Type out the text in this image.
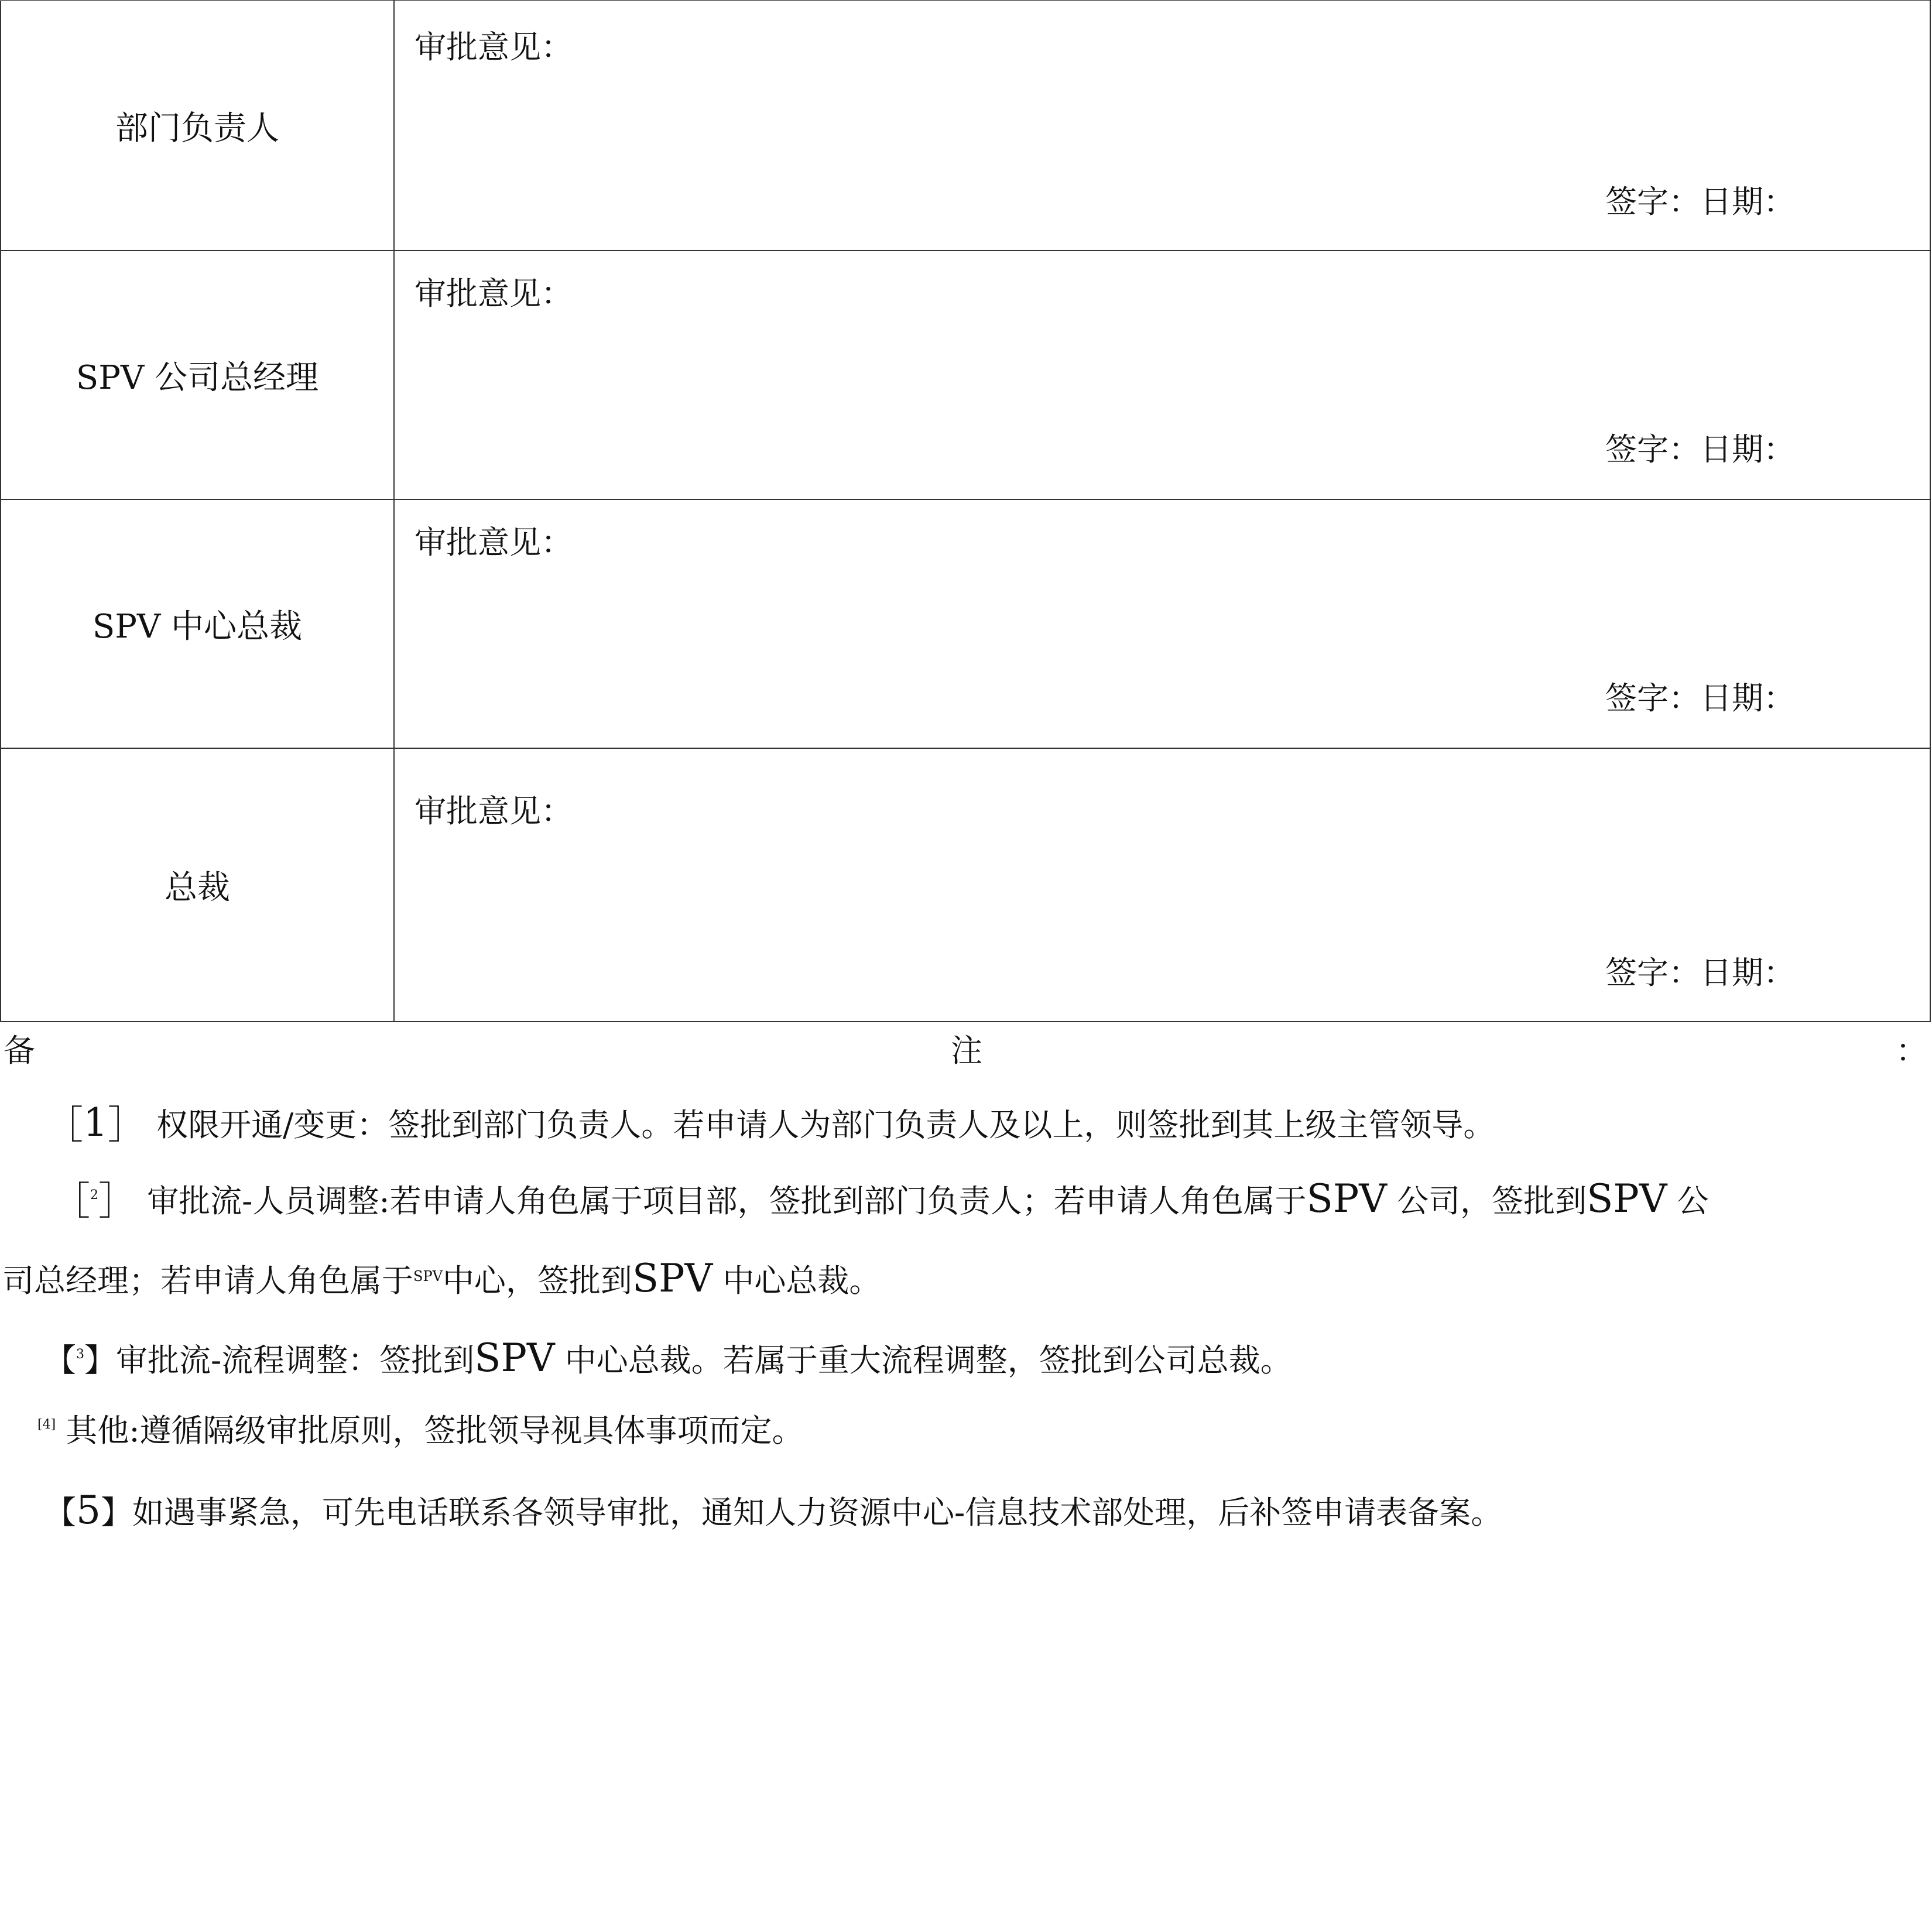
部门负责人	审批意见：
签字：日期：

SPV 公司总经理	审批意见：
签字：日期：

SPV 中心总裁	审批意见：
签字：日期：

总裁	审批意见：
签字：日期：
备	注	：
［1］ 权限开通/变更：签批到部门负责人。若申请人为部门负责人及以上，则签批到其上级主管领导。
［$^2$］ 审批流-人员调整:若申请人角色属于项目部，签批到部门负责人；若申请人角色属于SPV 公司，签批到SPV 公
司总经理；若申请人角色属于$^{SPV}$中心，签批到SPV 中心总裁。
【$^3$】审批流-流程调整：签批到SPV 中心总裁。若属于重大流程调整，签批到公司总裁。
[4] 其他:遵循隔级审批原则，签批领导视具体事项而定。
【5】如遇事紧急，可先电话联系各领导审批，通知人力资源中心-信息技术部处理，后补签申请表备案。
